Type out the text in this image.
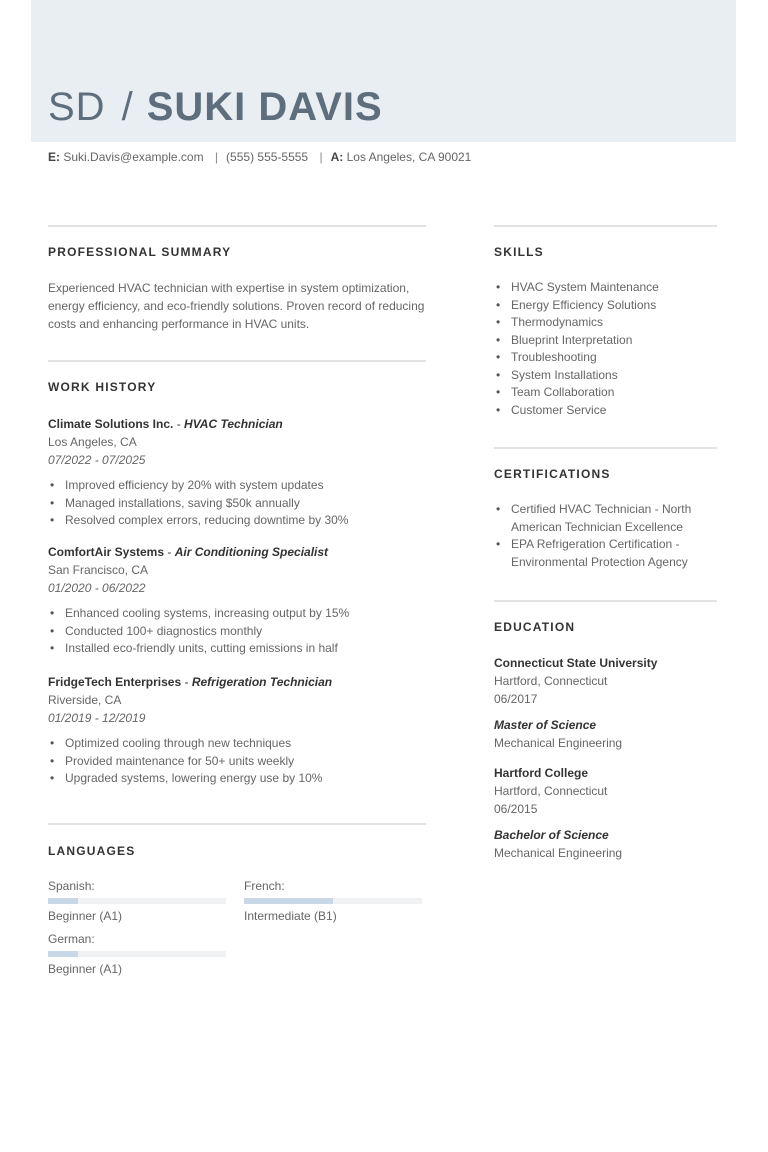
SD / SUKI DAVIS
E: Suki.Davis@example.com | (555) 555-5555 | A: Los Angeles, CA 90021
PROFESSIONAL SUMMARY

Experienced HVAC technician with expertise in system optimization, energy efficiency, and eco-friendly solutions. Proven record of reducing costs and enhancing performance in HVAC units.

WORK HISTORY
Climate Solutions Inc. - HVAC Technician
Los Angeles, CA
07/2022 - 07/2025
• Improved efficiency by 20% with system updates
• Managed installations, saving $50k annually
• Resolved complex errors, reducing downtime by 30%
ComfortAir Systems - Air Conditioning Specialist
San Francisco, CA
01/2020 - 06/2022
• Enhanced cooling systems, increasing output by 15%
• Conducted 100+ diagnostics monthly
• Installed eco-friendly units, cutting emissions in half
FridgeTech Enterprises - Refrigeration Technician
Riverside, CA
01/2019 - 12/2019
• Optimized cooling through new techniques
• Provided maintenance for 50+ units weekly
• Upgraded systems, lowering energy use by 10%
LANGUAGES
Spanish:
Beginner (A1)
French:
Intermediate (B1)
German:
Beginner (A1)
SKILLS
• HVAC System Maintenance
• Energy Efficiency Solutions
• Thermodynamics
• Blueprint Interpretation
• Troubleshooting
• System Installations
• Team Collaboration
• Customer Service
CERTIFICATIONS
• Certified HVAC Technician - North American Technician Excellence
• EPA Refrigeration Certification - Environmental Protection Agency
EDUCATION
Connecticut State University
Hartford, Connecticut
06/2017
Master of Science
Mechanical Engineering
Hartford College
Hartford, Connecticut
06/2015
Bachelor of Science
Mechanical Engineering
